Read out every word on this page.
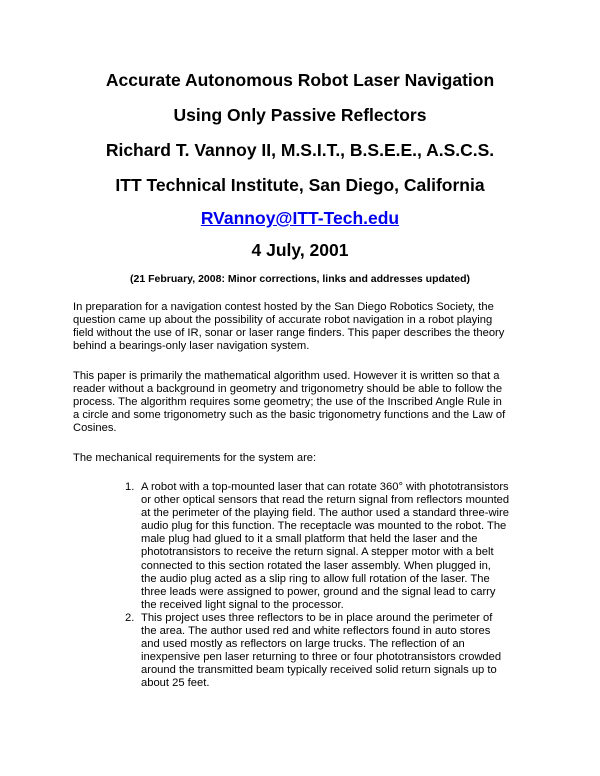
Accurate Autonomous Robot Laser Navigation
Using Only Passive Reflectors
Richard T. Vannoy II, M.S.I.T., B.S.E.E., A.S.C.S.
ITT Technical Institute, San Diego, California
RVannoy@ITT-Tech.edu
4 July, 2001
(21 February, 2008: Minor corrections, links and addresses updated)
In preparation for a navigation contest hosted by the San Diego Robotics Society, the
question came up about the possibility of accurate robot navigation in a robot playing
field without the use of IR, sonar or laser range finders. This paper describes the theory
behind a bearings-only laser navigation system.
This paper is primarily the mathematical algorithm used. However it is written so that a
reader without a background in geometry and trigonometry should be able to follow the
process. The algorithm requires some geometry; the use of the Inscribed Angle Rule in
a circle and some trigonometry such as the basic trigonometry functions and the Law of
Cosines.
The mechanical requirements for the system are:
1. A robot with a top-mounted laser that can rotate 360° with phototransistors
or other optical sensors that read the return signal from reflectors mounted
at the perimeter of the playing field. The author used a standard three-wire
audio plug for this function. The receptacle was mounted to the robot. The
male plug had glued to it a small platform that held the laser and the
phototransistors to receive the return signal. A stepper motor with a belt
connected to this section rotated the laser assembly. When plugged in,
the audio plug acted as a slip ring to allow full rotation of the laser. The
three leads were assigned to power, ground and the signal lead to carry
the received light signal to the processor.
2. This project uses three reflectors to be in place around the perimeter of
the area. The author used red and white reflectors found in auto stores
and used mostly as reflectors on large trucks. The reflection of an
inexpensive pen laser returning to three or four phototransistors crowded
around the transmitted beam typically received solid return signals up to
about 25 feet.
